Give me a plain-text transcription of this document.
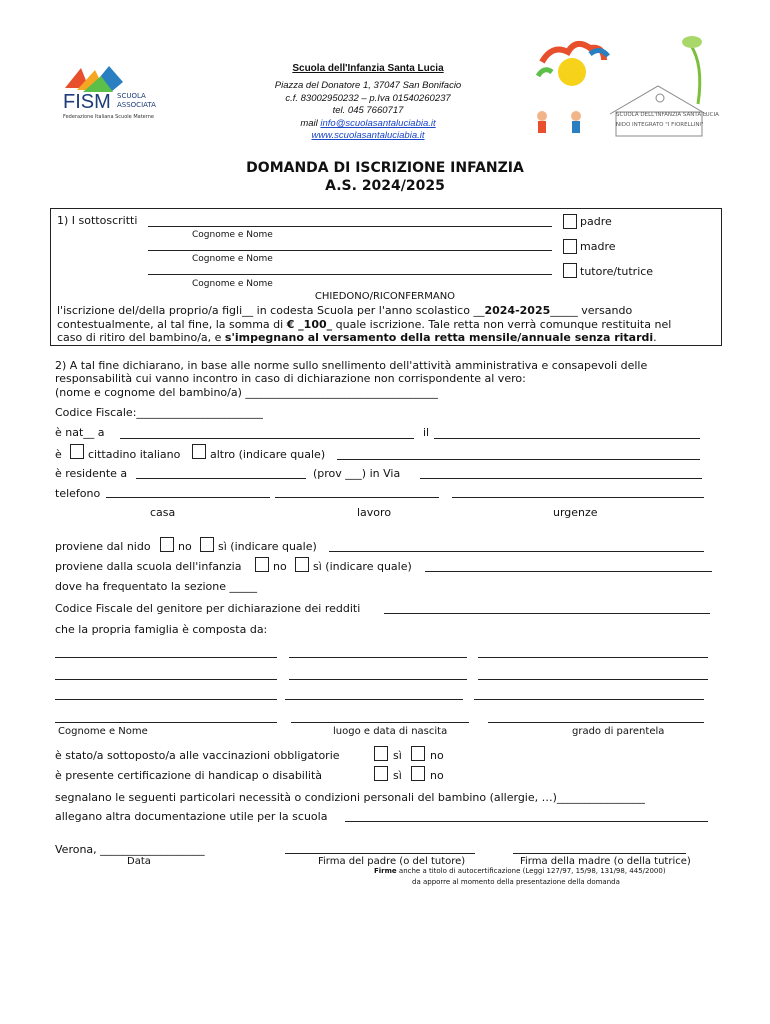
FISM SCUOLA
ASSOCIATA
Federazione Italiana Scuole Materne	SCUOLA DELL'INFANZIA SANTA LUCIA
NIDO INTEGRATO "I FIORELLINI"
Scuola dell'Infanzia Santa Lucia
Piazza del Donatore 1, 37047 San Bonifacio
c.f. 83002950232 – p.Iva 01540260237
tel. 045 7660717
mail info@scuolasantaluciabia.it
www.scuolasantaluciabia.it
DOMANDA DI ISCRIZIONE INFANZIA
A.S. 2024/2025
1) I sottoscritti	padre
Cognome e Nome
madre
Cognome e Nome
tutore/tutrice
Cognome e Nome
CHIEDONO/RICONFERMANO
l'iscrizione del/della proprio/a figli__ in codesta Scuola per l'anno scolastico __2024-2025_____ versando
contestualmente, al tal fine, la somma di € _100_ quale iscrizione. Tale retta non verrà comunque restituita nel
caso di ritiro del bambino/a, e s'impegnano al versamento della retta mensile/annuale senza ritardi.
2) A tal fine dichiarano, in base alle norme sullo snellimento dell'attività amministrativa e consapevoli delle
responsabilità cui vanno incontro in caso di dichiarazione non corrispondente al vero:
(nome e cognome del bambino/a) ___________________________________
Codice Fiscale:_______________________
è nat__ a	il
è cittadino italiano	altro (indicare quale)
è residente a	(prov ___) in Via
telefono
casa	lavoro	urgenze
proviene dal nido no sì (indicare quale)
proviene dalla scuola dell'infanzia	no sì (indicare quale)
dove ha frequentato la sezione _____
Codice Fiscale del genitore per dichiarazione dei redditi
che la propria famiglia è composta da:
Cognome e Nome	luogo e data di nascita	grado di parentela
è stato/a sottoposto/a alle vaccinazioni obbligatorie	sì	no
è presente certificazione di handicap o disabilità	sì	no
segnalano le seguenti particolari necessità o condizioni personali del bambino (allergie, …)________________
allegano altra documentazione utile per la scuola
Verona, ___________________
Data	Firma del padre (o del tutore)	Firma della madre (o della tutrice)
Firme anche a titolo di autocertificazione (Leggi 127/97, 15/98, 131/98, 445/2000)
da apporre al momento della presentazione della domanda
